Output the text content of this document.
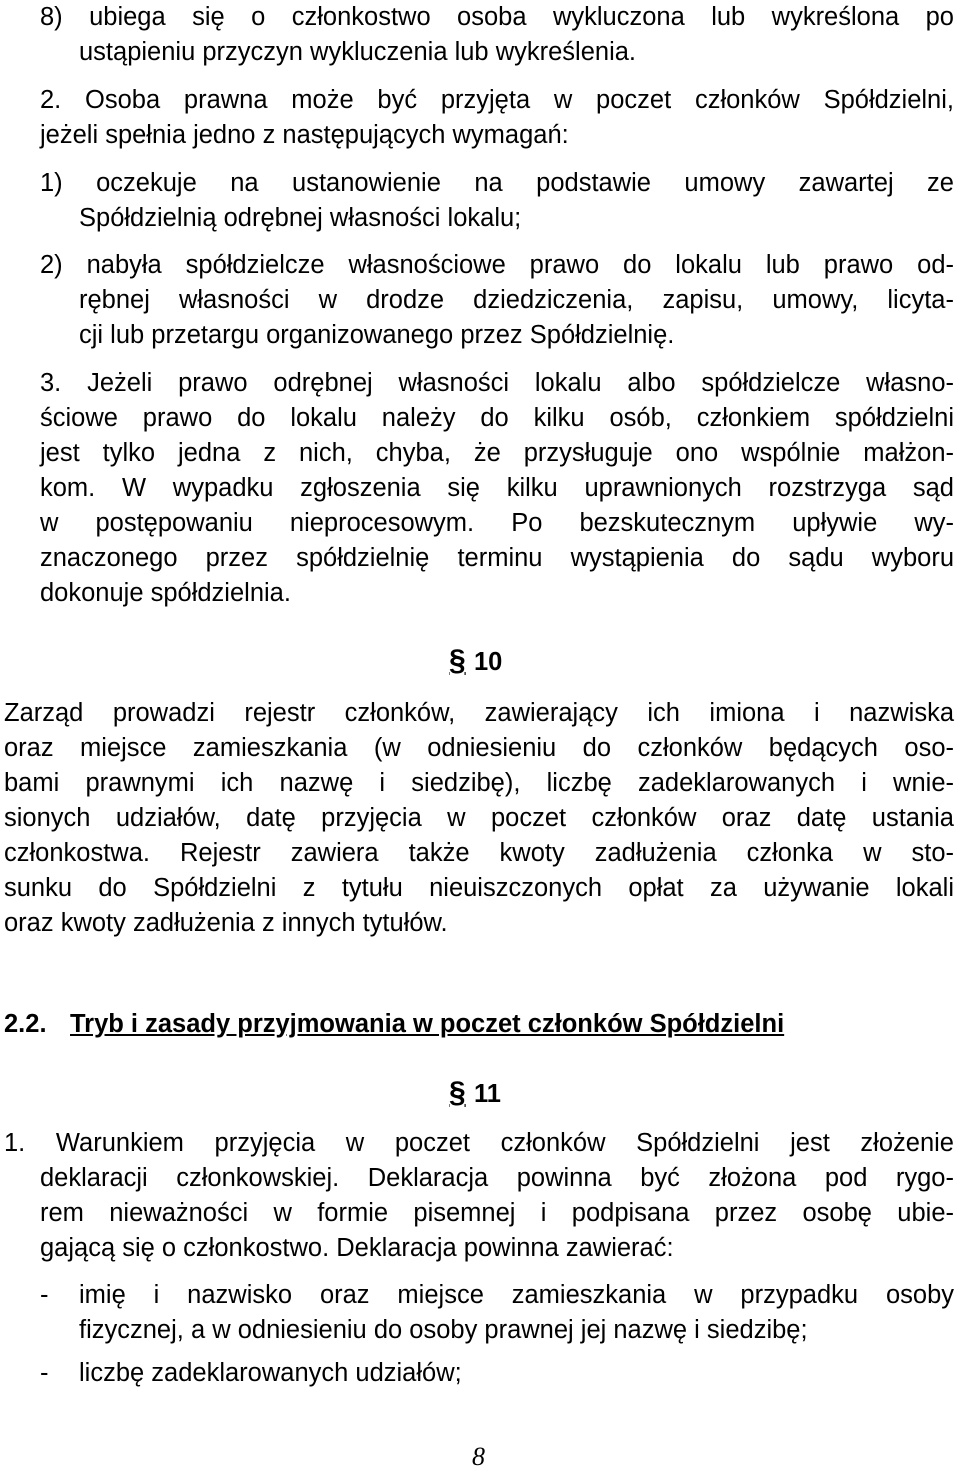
8) ubiega się o członkostwo osoba wykluczona lub wykreślona po
ustąpieniu przyczyn wykluczenia lub wykreślenia.
2. Osoba prawna może być przyjęta w poczet członków Spółdzielni,
jeżeli spełnia jedno z następujących wymagań:
1) oczekuje na ustanowienie na podstawie umowy zawartej ze
Spółdzielnią odrębnej własności lokalu;
2) nabyła spółdzielcze własnościowe prawo do lokalu lub prawo od-
rębnej własności w drodze dziedziczenia, zapisu, umowy, licyta-
cji lub przetargu organizowanego przez Spółdzielnię.
3. Jeżeli prawo odrębnej własności lokalu albo spółdzielcze własno-
ściowe prawo do lokalu należy do kilku osób, członkiem spółdzielni
jest tylko jedna z nich, chyba, że przysługuje ono wspólnie małżon-
kom. W wypadku zgłoszenia się kilku uprawnionych rozstrzyga sąd
w postępowaniu nieprocesowym. Po bezskutecznym upływie wy-
znaczonego przez spółdzielnię terminu wystąpienia do sądu wyboru
dokonuje spółdzielnia.
§ 10
Zarząd prowadzi rejestr członków, zawierający ich imiona i nazwiska
oraz miejsce zamieszkania (w odniesieniu do członków będących oso-
bami prawnymi ich nazwę i siedzibę), liczbę zadeklarowanych i wnie-
sionych udziałów, datę przyjęcia w poczet członków oraz datę ustania
członkostwa. Rejestr zawiera także kwoty zadłużenia członka w sto-
sunku do Spółdzielni z tytułu nieuiszczonych opłat za używanie lokali
oraz kwoty zadłużenia z innych tytułów.
2.2. Tryb i zasady przyjmowania w poczet członków Spółdzielni
§ 11
1. Warunkiem przyjęcia w poczet członków Spółdzielni jest złożenie
deklaracji członkowskiej. Deklaracja powinna być złożona pod rygo-
rem nieważności w formie pisemnej i podpisana przez osobę ubie-
gającą się o członkostwo. Deklaracja powinna zawierać:
- imię i nazwisko oraz miejsce zamieszkania w przypadku osoby
fizycznej, a w odniesieniu do osoby prawnej jej nazwę i siedzibę;
- liczbę zadeklarowanych udziałów;
8
